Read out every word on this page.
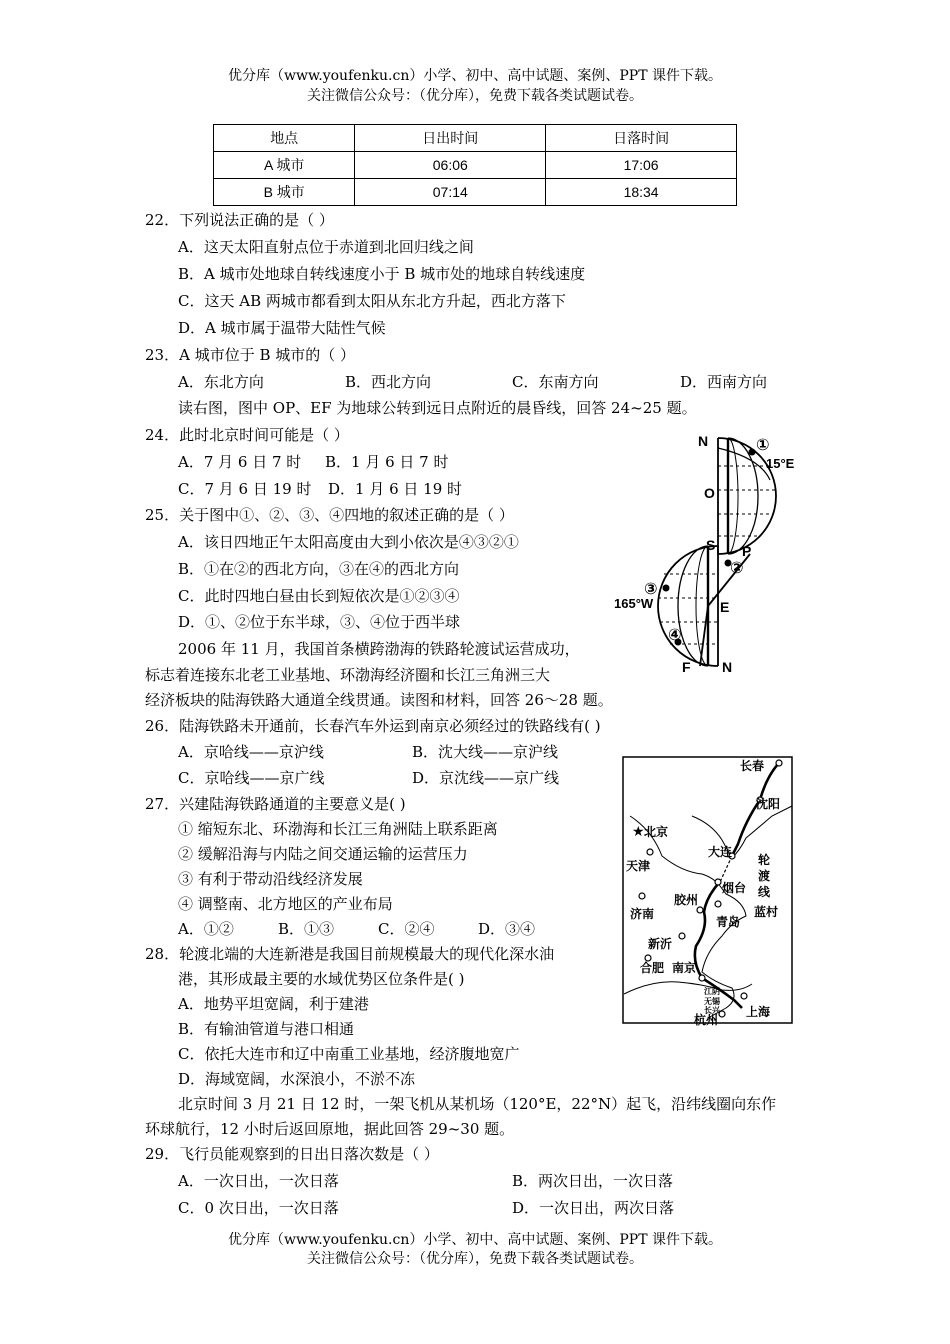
优分库（www.youfenku.cn）小学、初中、高中试题、案例、PPT 课件下载。
关注微信公众号：（优分库），免费下载各类试题试卷。
地点	日出时间	日落时间
A 城市	06:06	17:06
B 城市	07:14	18:34
22．下列说法正确的是（ ）
A．这天太阳直射点位于赤道到北回归线之间
B．A 城市处地球自转线速度小于 B 城市处的地球自转线速度
C．这天 AB 两城市都看到太阳从东北方升起，西北方落下
D．A 城市属于温带大陆性气候
23．A 城市位于 B 城市的（ ）
A．东北方向	B．西北方向	C．东南方向	D．西南方向
读右图，图中 OP、EF 为地球公转到远日点附近的晨昏线，回答 24~25 题。
24．此时北京时间可能是（ ）
A．7 月 6 日 7 时 B．1 月 6 日 7 时
C．7 月 6 日 19 时 D．1 月 6 日 19 时
25．关于图中①、②、③、④四地的叙述正确的是（ ）
A．该日四地正午太阳高度由大到小依次是④③②①
B．①在②的西北方向，③在④的西北方向
C．此时四地白昼由长到短依次是①②③④
D．①、②位于东半球，③、④位于西半球
2006 年 11 月，我国首条横跨渤海的铁路轮渡试运营成功，
标志着连接东北老工业基地、环渤海经济圈和长江三角洲三大
经济板块的陆海铁路大通道全线贯通。读图和材料，回答 26～28 题。
26．陆海铁路未开通前，长春汽车外运到南京必须经过的铁路线有( )
A．京哈线——京沪线	B．沈大线——京沪线
C．京哈线——京广线	D．京沈线——京广线
27．兴建陆海铁路通道的主要意义是( )
① 缩短东北、环渤海和长江三角洲陆上联系距离
② 缓解沿海与内陆之间交通运输的运营压力
③ 有利于带动沿线经济发展
④ 调整南、北方地区的产业布局
A．①②	B．①③	C．②④	D．③④
28．轮渡北端的大连新港是我国目前规模最大的现代化深水油
港，其形成最主要的水域优势区位条件是( )
A．地势平坦宽阔，利于建港
B．有输油管道与港口相通
C．依托大连市和辽中南重工业基地，经济腹地宽广
D．海域宽阔，水深浪小，不淤不冻
北京时间 3 月 21 日 12 时，一架飞机从某机场（120°E，22°N）起飞，沿纬线圈向东作
环球航行，12 小时后返回原地，据此回答 29~30 题。
29．飞行员能观察到的日出日落次数是（ ）
A．一次日出，一次日落	B．两次日出，一次日落
C．0 次日出，一次日落	D．一次日出，两次日落
优分库（www.youfenku.cn）小学、初中、高中试题、案例、PPT 课件下载。
关注微信公众号：（优分库），免费下载各类试题试卷。
N
O
S P
E
F N
①
②
③
④
15°E
165°W
★
长春
沈阳
北京
天津
大连
轮
渡
线
烟台
胶州
蓝村
青岛
济南
新沂
合肥 南京
上海
杭州
江阴
无锡
长兴
